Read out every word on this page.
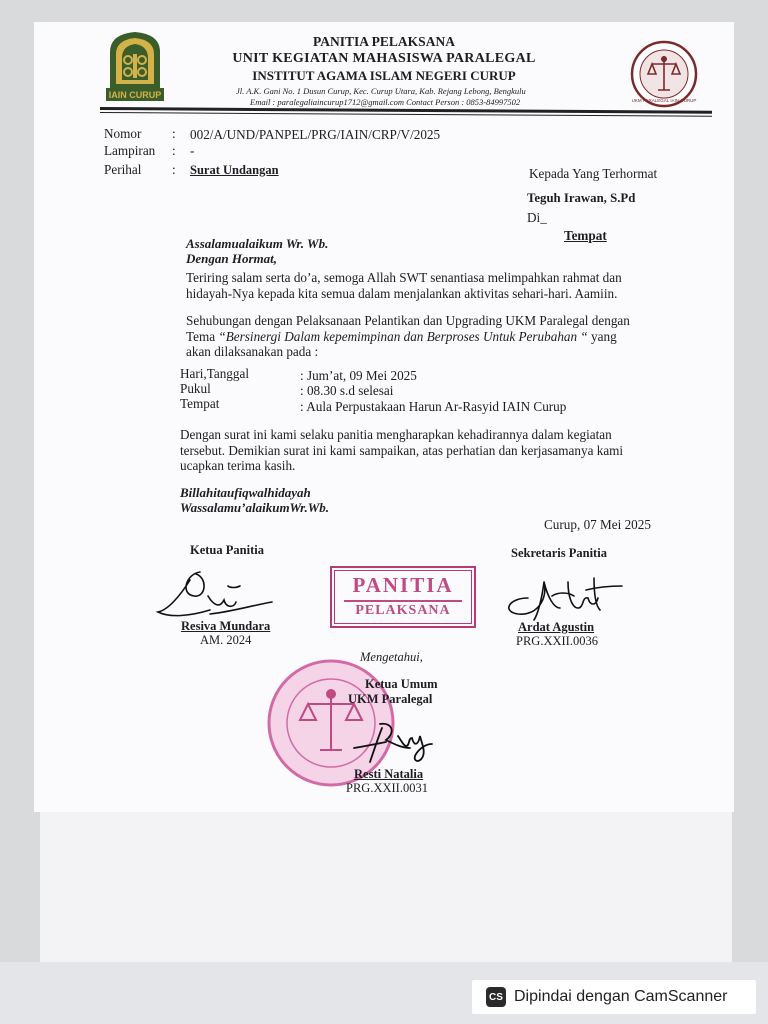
IAIN CURUP
PANITIA PELAKSANA
UNIT KEGIATAN MAHASISWA PARALEGAL
INSTITUT AGAMA ISLAM NEGERI CURUP
Jl. A.K. Gani No. 1 Dusun Curup, Kec. Curup Utara, Kab. Rejang Lebong, Bengkulu
Email : paralegaliaincurup1712@gmail.com Contact Person : 0853-84997502	UKM PARALEGAL IAIN CURUP
Nomor : 002/A/UND/PANPEL/PRG/IAIN/CRP/V/2025
Lampiran : -
Perihal : Surat Undangan	Kepada Yang Terhormat
Teguh Irawan, S.Pd
Di_
Tempat
Assalamualaikum Wr. Wb.
Dengan Hormat,
Teriring salam serta do’a, semoga Allah SWT senantiasa melimpahkan rahmat dan
hidayah-Nya kepada kita semua dalam menjalankan aktivitas sehari-hari. Aamiin.
Sehubungan dengan Pelaksanaan Pelantikan dan Upgrading UKM Paralegal dengan
Tema “Bersinergi Dalam kepemimpinan dan Berproses Untuk Perubahan “ yang
akan dilaksanakan pada :
Hari,Tanggal	: Jum’at, 09 Mei 2025
Pukul	: 08.30 s.d selesai
Tempat	: Aula Perpustakaan Harun Ar-Rasyid IAIN Curup
Dengan surat ini kami selaku panitia mengharapkan kehadirannya dalam kegiatan
tersebut. Demikian surat ini kami sampaikan, atas perhatian dan kerjasamanya kami
ucapkan terima kasih.
Billahitaufiqwalhidayah
Wassalamu’alaikumWr.Wb.
Curup, 07 Mei 2025
Ketua Panitia
Resiva Mundara
AM. 2024
PANITIA
PELAKSANA
Sekretaris Panitia
Ardat Agustin
PRG.XXII.0036
Mengetahui,
Ketua Umum
UKM Paralegal
Resti Natalia
PRG.XXII.0031
CS Dipindai dengan CamScanner
